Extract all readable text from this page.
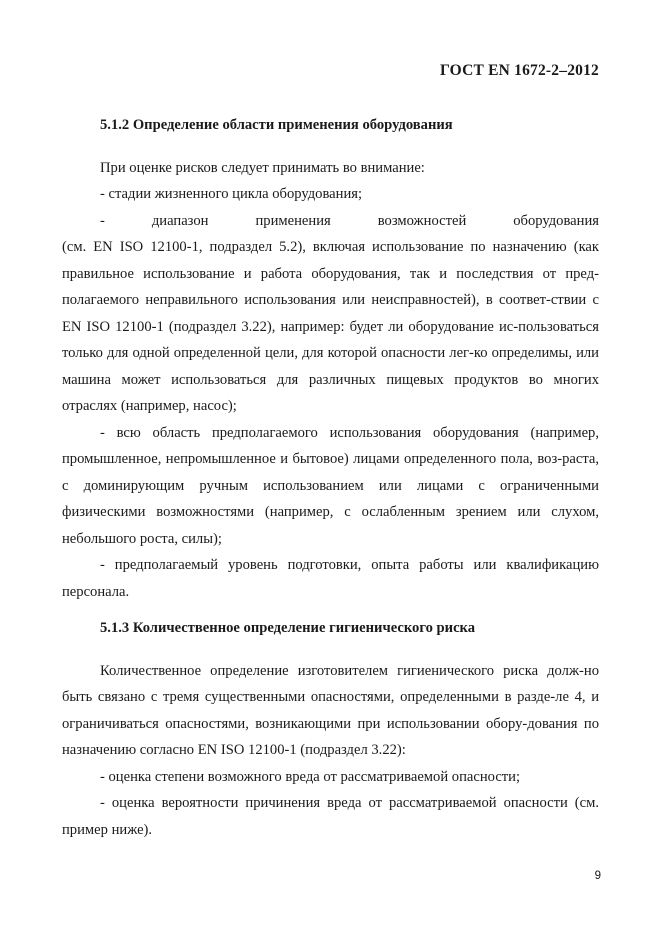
ГОСТ EN 1672-2–2012
5.1.2 Определение области применения оборудования

При оценке рисков следует принимать во внимание:

- стадии жизненного цикла оборудования;

- диапазон применения возможностей оборудования

(см. EN ISO 12100-1, подраздел 5.2), включая использование по назначению (как правильное использование и работа оборудования, так и последствия от пред-полагаемого неправильного использования или неисправностей), в соответ-ствии с EN ISO 12100-1 (подраздел 3.22), например: будет ли оборудование ис-пользоваться только для одной определенной цели, для которой опасности лег-ко определимы, или машина может использоваться для различных пищевых продуктов во многих отраслях (например, насос);

- всю область предполагаемого использования оборудования (например, промышленное, непромышленное и бытовое) лицами определенного пола, воз-раста, с доминирующим ручным использованием или лицами с ограниченными физическими возможностями (например, с ослабленным зрением или слухом, небольшого роста, силы);

- предполагаемый уровень подготовки, опыта работы или квалификацию персонала.

5.1.3 Количественное определение гигиенического риска

Количественное определение изготовителем гигиенического риска долж-но быть связано с тремя существенными опасностями, определенными в разде-ле 4, и ограничиваться опасностями, возникающими при использовании обору-дования по назначению согласно EN ISO 12100-1 (подраздел 3.22):

- оценка степени возможного вреда от рассматриваемой опасности;

- оценка вероятности причинения вреда от рассматриваемой опасности (см. пример ниже).

9
